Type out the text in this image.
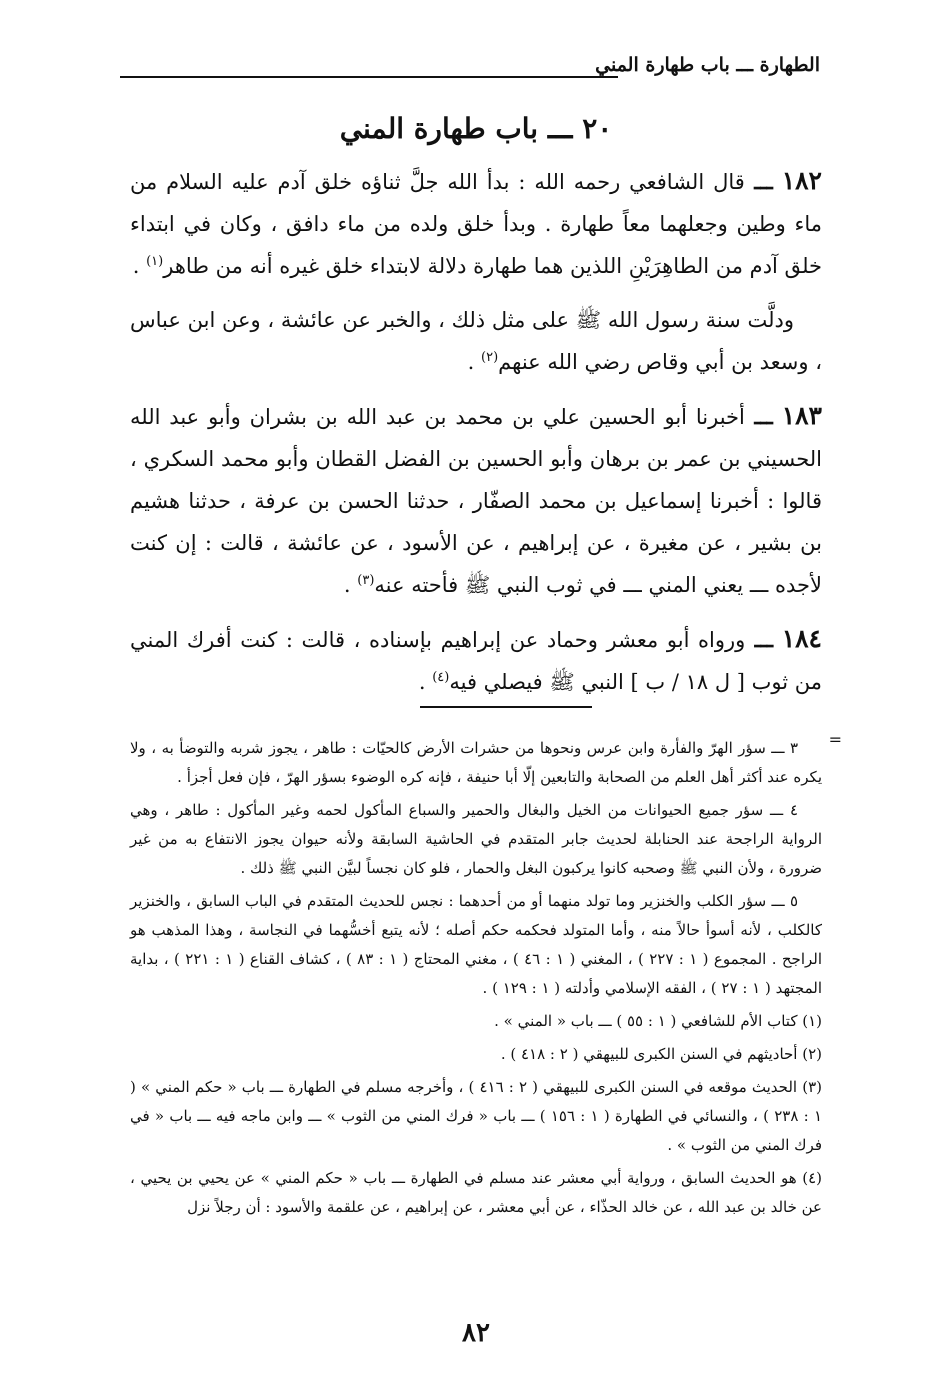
الطهارة ـــ باب طهارة المني
٢٠ ـــ باب طهارة المني

١٨٢ ـــ قال الشافعي رحمه الله : بدأ الله جلَّ ثناؤه خلق آدم عليه السلام من ماء وطين وجعلهما معاً طهارة . وبدأ خلق ولده من ماء دافق ، وكان في ابتداء خلق آدم من الطاهِرَيْنِ اللذين هما طهارة دلالة لابتداء خلق غيره أنه من طاهر$^{(١)}$ .

ودلَّت سنة رسول الله ﷺ على مثل ذلك ، والخبر عن عائشة ، وعن ابن عباس ، وسعد بن أبي وقاص رضي الله عنهم$^{(٢)}$ .

١٨٣ ـــ أخبرنا أبو الحسين علي بن محمد بن عبد الله بن بشران وأبو عبد الله الحسيني بن عمر بن برهان وأبو الحسين بن الفضل القطان وأبو محمد السكري ، قالوا : أخبرنا إسماعيل بن محمد الصفّار ، حدثنا الحسن بن عرفة ، حدثنا هشيم بن بشير ، عن مغيرة ، عن إبراهيم ، عن الأسود ، عن عائشة ، قالت : إن كنت لأجده ـــ يعني المني ـــ في ثوب النبي ﷺ فأحته عنه$^{(٣)}$ .

١٨٤ ـــ ورواه أبو معشر وحماد عن إبراهيم بإسناده ، قالت : كنت أفرك المني من ثوب [ ل ١٨ / ب ] النبي ﷺ فيصلي فيه$^{(٤)}$ .

=

٣ ـــ سؤر الهرّ والفأرة وابن عرس ونحوها من حشرات الأرض كالحيّات : طاهر ، يجوز شربه والتوضأ به ، ولا يكره عند أكثر أهل العلم من الصحابة والتابعين إلّا أبا حنيفة ، فإنه كره الوضوء بسؤر الهرّ ، فإن فعل أجزأ .

٤ ـــ سؤر جميع الحيوانات من الخيل والبغال والحمير والسباع المأكول لحمه وغير المأكول : طاهر ، وهي الرواية الراجحة عند الحنابلة لحديث جابر المتقدم في الحاشية السابقة ولأنه حيوان يجوز الانتفاع به من غير ضرورة ، ولأن النبي ﷺ وصحبه كانوا يركبون البغل والحمار ، فلو كان نجساً لبيَّن النبي ﷺ ذلك .

٥ ـــ سؤر الكلب والخنزير وما تولد منهما أو من أحدهما : نجس للحديث المتقدم في الباب السابق ، والخنزير كالكلب ، لأنه أسوأ حالاً منه ، وأما المتولد فحكمه حكم أصله ؛ لأنه يتبع أخسُّهما في النجاسة ، وهذا المذهب هو الراجح . المجموع ( ١ : ٢٢٧ ) ، المغني ( ١ : ٤٦ ) ، مغني المحتاج ( ١ : ٨٣ ) ، كشاف القناع ( ١ : ٢٢١ ) ، بداية المجتهد ( ١ : ٢٧ ) ، الفقه الإسلامي وأدلته ( ١ : ١٢٩ ) .

(١) كتاب الأم للشافعي ( ١ : ٥٥ ) ـــ باب « المني » .

(٢) أحاديثهم في السنن الكبرى للبيهقي ( ٢ : ٤١٨ ) .

(٣) الحديث موقعه في السنن الكبرى للبيهقي ( ٢ : ٤١٦ ) ، وأخرجه مسلم في الطهارة ـــ باب « حكم المني » ( ١ : ٢٣٨ ) ، والنسائي في الطهارة ( ١ : ١٥٦ ) ـــ باب « فرك المني من الثوب » ـــ وابن ماجه فيه ـــ باب « في فرك المني من الثوب » .

(٤) هو الحديث السابق ، ورواية أبي معشر عند مسلم في الطهارة ـــ باب « حكم المني » عن يحيي بن يحيي ، عن خالد بن عبد الله ، عن خالد الحذّاء ، عن أبي معشر ، عن إبراهيم ، عن علقمة والأسود : أن رجلاً نزل

٨٢
